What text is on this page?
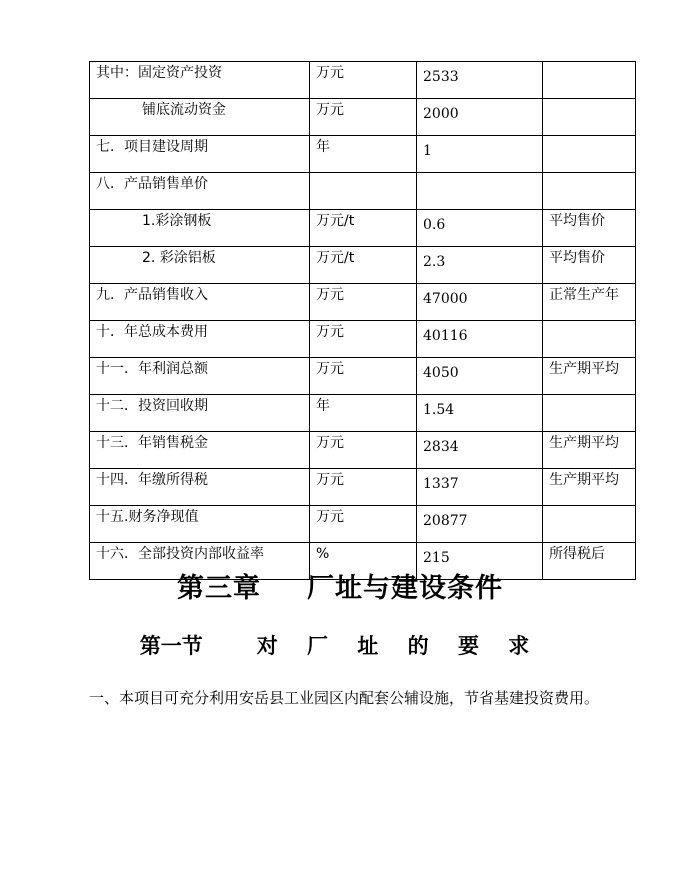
其中：固定资产投资	万元	2533	
铺底流动资金	万元	2000	
七．项目建设周期	年	1	
八．产品销售单价			
1.彩涂钢板	万元/t	0.6	平均售价
2. 彩涂铝板	万元/t	2.3	平均售价
九．产品销售收入	万元	47000	正常生产年
十．年总成本费用	万元	40116	
十一．年利润总额	万元	4050	生产期平均
十二．投资回收期	年	1.54	
十三．年销售税金	万元	2834	生产期平均
十四．年缴所得税	万元	1337	生产期平均
十五.财务净现值	万元	20877	
十六．全部投资内部收益率	%	215	所得税后
第三章 厂址与建设条件
第一节	对 厂 址 的 要 求
一、本项目可充分利用安岳县工业园区内配套公辅设施，节省基建投资费用。
